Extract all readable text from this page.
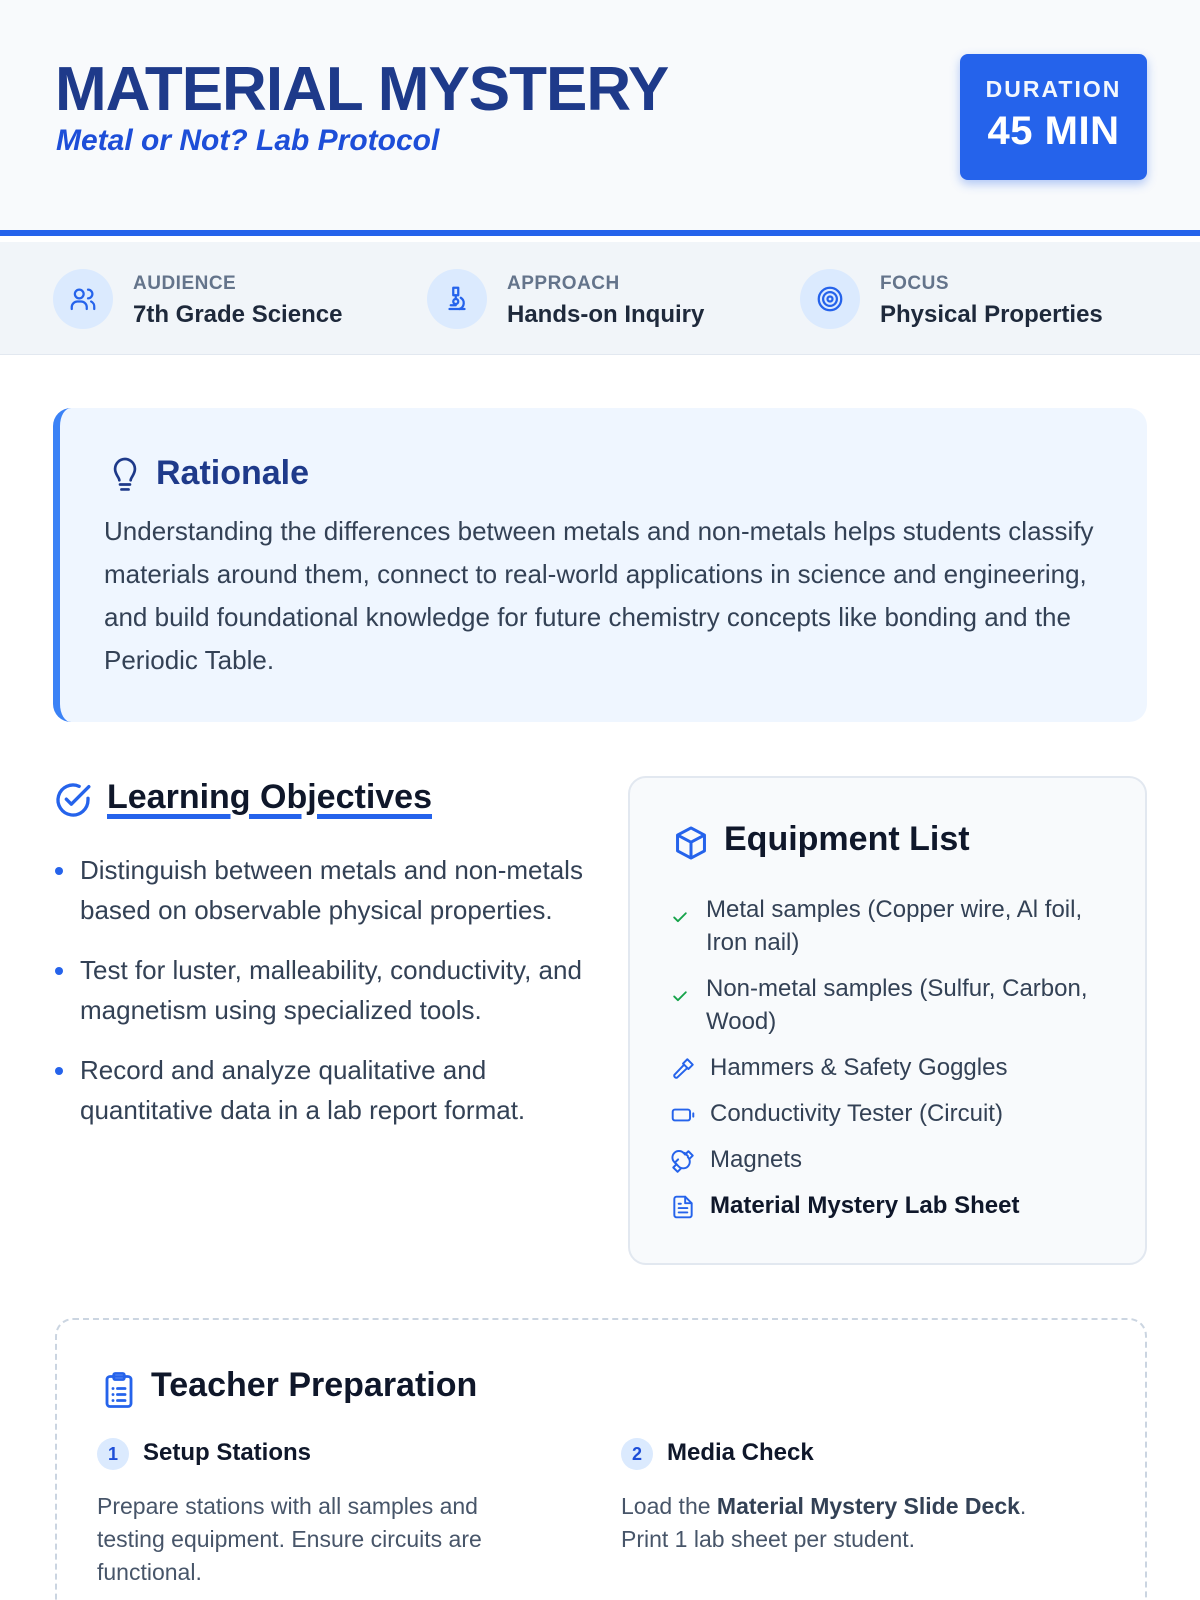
MATERIAL MYSTERY
Metal or Not? Lab Protocol
DURATION
45 MIN
AUDIENCE
7th Grade Science
APPROACH
Hands-on Inquiry
FOCUS
Physical Properties
Rationale

Understanding the differences between metals and non-metals helps students classify materials around them, connect to real-world applications in science and engineering, and build foundational knowledge for future chemistry concepts like bonding and the Periodic Table.

Learning Objectives
Distinguish between metals and non-metals based on observable physical properties.
Test for luster, malleability, conductivity, and magnetism using specialized tools.
Record and analyze qualitative and quantitative data in a lab report format.
Equipment List
Metal samples (Copper wire, Al foil, Iron nail)
Non-metal samples (Sulfur, Carbon, Wood)
Hammers & Safety Goggles
Conductivity Tester (Circuit)
Magnets
Material Mystery Lab Sheet
Teacher Preparation
1	Setup Stations

Prepare stations with all samples and testing equipment. Ensure circuits are functional.

2	Media Check

Load the Material Mystery Slide Deck. Print 1 lab sheet per student.
